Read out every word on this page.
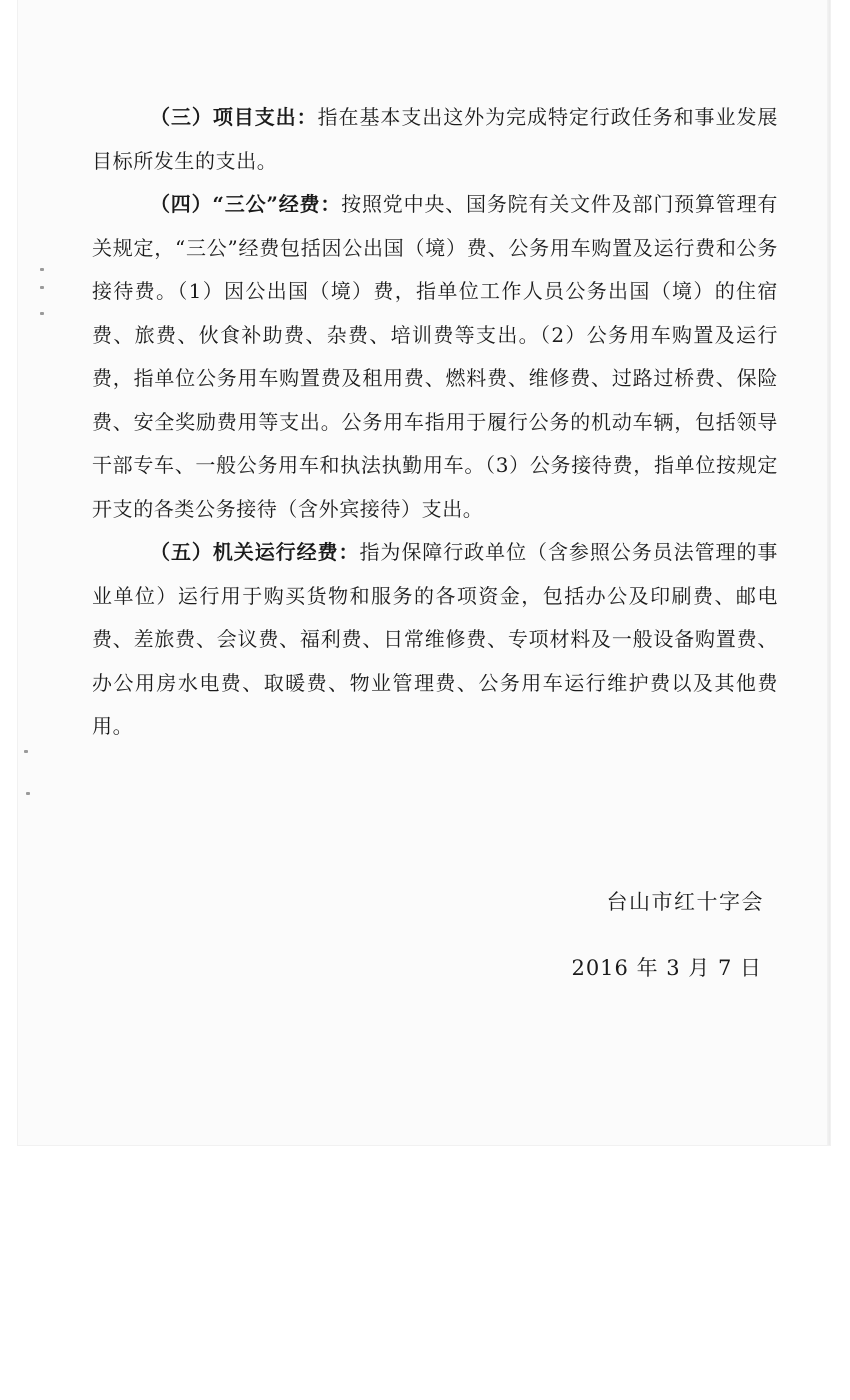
（三）项目支出：指在基本支出这外为完成特定行政任务和事业发展目标所发生的支出。

（四）“三公”经费：按照党中央、国务院有关文件及部门预算管理有关规定，“三公”经费包括因公出国（境）费、公务用车购置及运行费和公务接待费。（1）因公出国（境）费，指单位工作人员公务出国（境）的住宿费、旅费、伙食补助费、杂费、培训费等支出。（2）公务用车购置及运行费，指单位公务用车购置费及租用费、燃料费、维修费、过路过桥费、保险费、安全奖励费用等支出。公务用车指用于履行公务的机动车辆，包括领导干部专车、一般公务用车和执法执勤用车。（3）公务接待费，指单位按规定开支的各类公务接待（含外宾接待）支出。

（五）机关运行经费：指为保障行政单位（含参照公务员法管理的事业单位）运行用于购买货物和服务的各项资金，包括办公及印刷费、邮电费、差旅费、会议费、福利费、日常维修费、专项材料及一般设备购置费、办公用房水电费、取暖费、物业管理费、公务用车运行维护费以及其他费用。

台山市红十字会
2016 年 3 月 7 日
